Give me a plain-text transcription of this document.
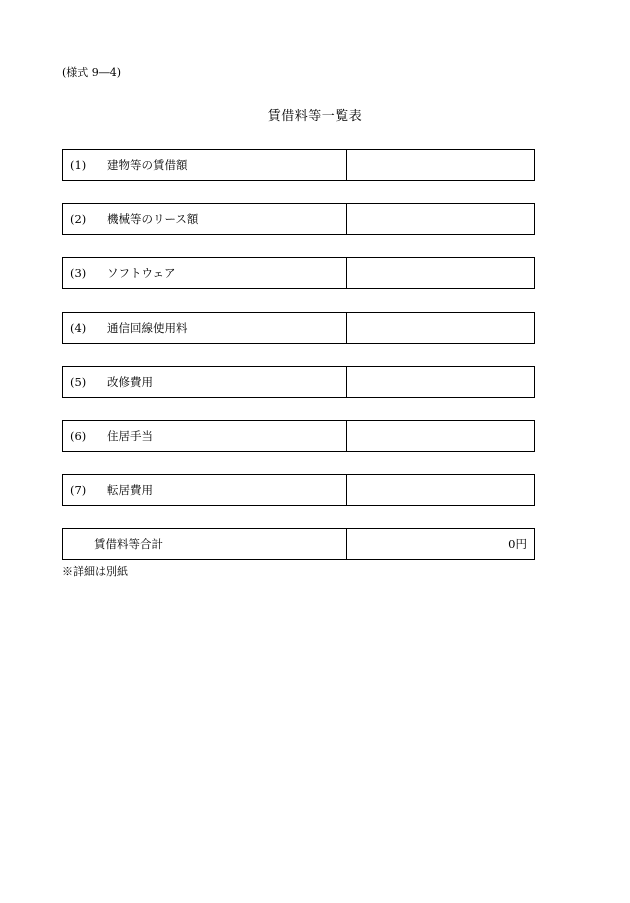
(様式 9―4)
賃借料等一覧表
(1)	建物等の賃借額
(2)	機械等のリース額
(3)	ソフトウェア
(4)	通信回線使用料
(5)	改修費用
(6)	住居手当
(7)	転居費用
賃借料等合計	0円
※詳細は別紙
